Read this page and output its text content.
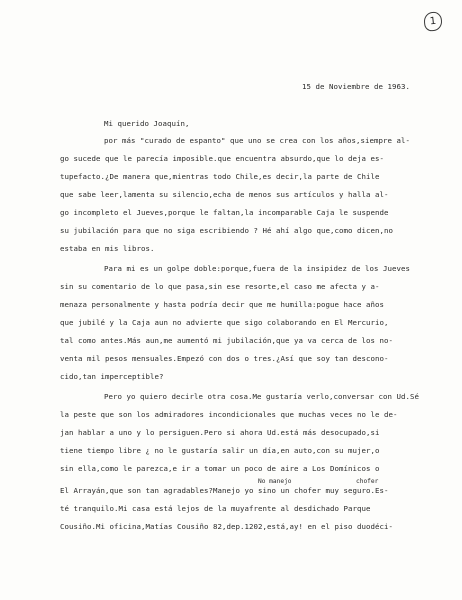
1
15 de Noviembre de 1963.
Mi querido Joaquín,
por más "curado de espanto" que uno se crea con los años,siempre al-
go sucede que le parecía imposible.que encuentra absurdo,que lo deja es-
tupefacto.¿De manera que,mientras todo Chile,es decir,la parte de Chile
que sabe leer,lamenta su silencio,echa de menos sus artículos y halla al-
go incompleto el Jueves,porque le faltan,la incomparable Caja le suspende
su jubilación para que no siga escribiendo ? Hé ahí algo que,como dicen,no
estaba en mis libros.
Para mi es un golpe doble:porque,fuera de la insipidez de los Jueves
sin su comentario de lo que pasa,sin ese resorte,el caso me afecta y a-
menaza personalmente y hasta podría decir que me humilla:pogue hace años
que jubilé y la Caja aun no advierte que sigo colaborando en El Mercurio,
tal como antes.Más aun,me aumentó mi jubilación,que ya va cerca de los no-
venta mil pesos mensuales.Empezó con dos o tres.¿Así que soy tan descono-
cido,tan imperceptible?
Pero yo quiero decirle otra cosa.Me gustaría verlo,conversar con Ud.Sé
la peste que son los admiradores incondicionales que muchas veces no le de-
jan hablar a uno y lo persiguen.Pero si ahora Ud.está más desocupado,si
tiene tiempo libre ¿ no le gustaría salir un día,en auto,con su mujer,o
sin ella,como le parezca,e ir a tomar un poco de aire a Los Domínicos o
No manejo	chofer
El Arrayán,que son tan agradables?Manejo yo sino un chofer muy seguro.Es-
té tranquilo.Mi casa está lejos de la muyafrente al desdichado Parque
Cousiño.Mi oficina,Matías Cousiño 82,dep.1202,está,ay! en el piso duodéci-
